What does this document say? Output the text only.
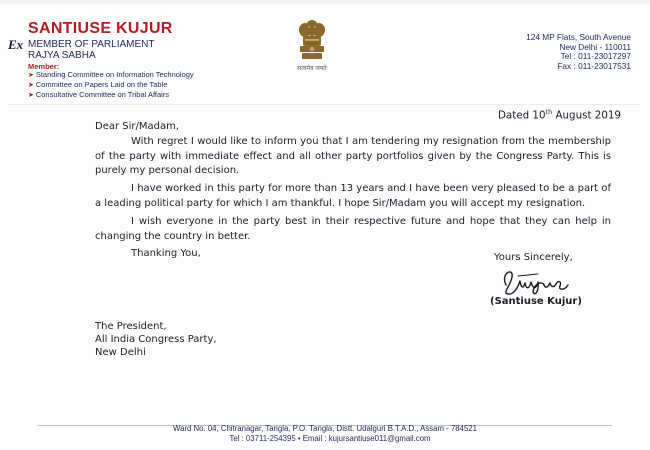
SANTIUSE KUJUR
Ex MEMBER OF PARLIAMENT
RAJYA SABHA
Member:
➤ Standing Committee on Information Technology
➤ Committee on Papers Laid on the Table
➤ Consultative Committee on Tribal Affairs
सत्यमेव जयते
124 MP Flats, South Avenue
New Delhi - 110011
Tel : 011-23017297
Fax : 011-23017531
Dated 10th August 2019

Dear Sir/Madam,

With regret I would like to inform you that I am tendering my resignation from the membership of the party with immediate effect and all other party portfolios given by the Congress Party. This is purely my personal decision.

I have worked in this party for more than 13 years and I have been very pleased to be a part of a leading political party for which I am thankful. I hope Sir/Madam you will accept my resignation.

I wish everyone in the party best in their respective future and hope that they can help in changing the country in better.

Thanking You,	Yours Sincerely,
(Santiuse Kujur)
The President,
All India Congress Party,
New Delhi
Ward No. 04, Chitranagar, Tangla, P.O. Tangla, Distt. Udalguri B.T.A.D., Assam - 784521
Tel : 03711-254395 • Email : kujursantiuse011@gmail.com
